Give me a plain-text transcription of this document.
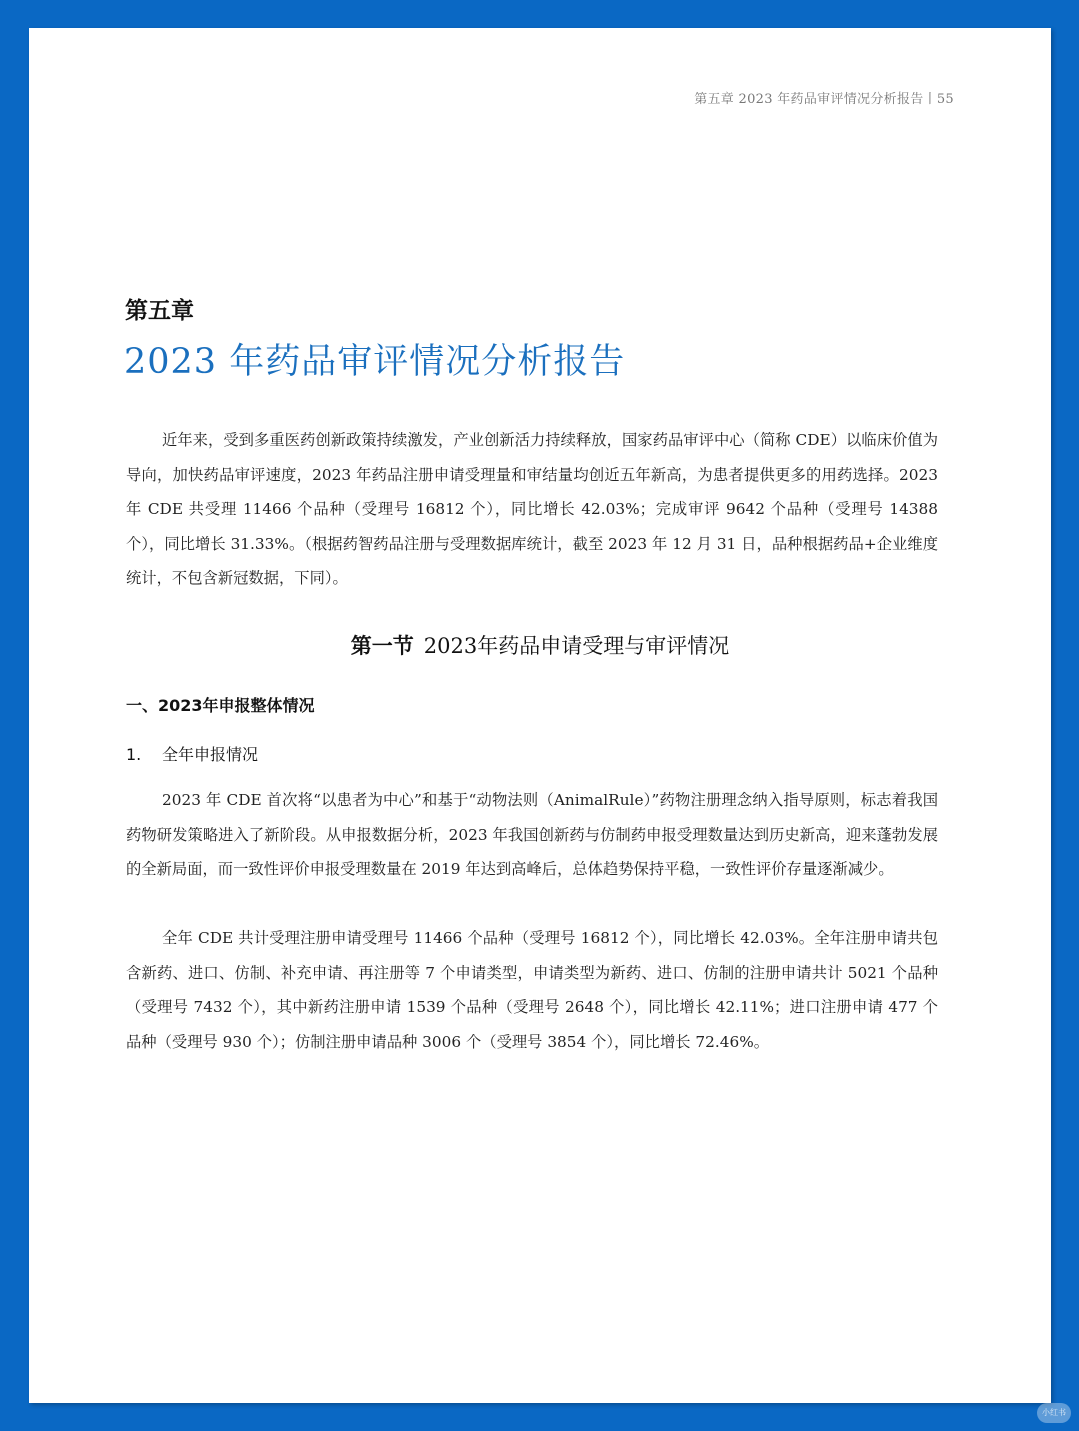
第五章 2023 年药品审评情况分析报告丨55
第五章
2023 年药品审评情况分析报告

近年来，受到多重医药创新政策持续激发，产业创新活力持续释放，国家药品审评中心（简称 CDE）以临床价值为导向，加快药品审评速度，2023 年药品注册申请受理量和审结量均创近五年新高，为患者提供更多的用药选择。2023 年 CDE 共受理 11466 个品种（受理号 16812 个），同比增长 42.03%；完成审评 9642 个品种（受理号 14388 个），同比增长 31.33%。（根据药智药品注册与受理数据库统计，截至 2023 年 12 月 31 日，品种根据药品+企业维度统计，不包含新冠数据，下同）。

第一节 2023年药品申请受理与审评情况
一、2023年申报整体情况
1. 全年申报情况

2023 年 CDE 首次将“以患者为中心”和基于“动物法则（AnimalRule）”药物注册理念纳入指导原则，标志着我国药物研发策略进入了新阶段。从申报数据分析，2023 年我国创新药与仿制药申报受理数量达到历史新高，迎来蓬勃发展的全新局面，而一致性评价申报受理数量在 2019 年达到高峰后，总体趋势保持平稳，一致性评价存量逐渐减少。

全年 CDE 共计受理注册申请受理号 11466 个品种（受理号 16812 个），同比增长 42.03%。全年注册申请共包含新药、进口、仿制、补充申请、再注册等 7 个申请类型，申请类型为新药、进口、仿制的注册申请共计 5021 个品种（受理号 7432 个），其中新药注册申请 1539 个品种（受理号 2648 个），同比增长 42.11%；进口注册申请 477 个品种（受理号 930 个）；仿制注册申请品种 3006 个（受理号 3854 个），同比增长 72.46%。

小红书
